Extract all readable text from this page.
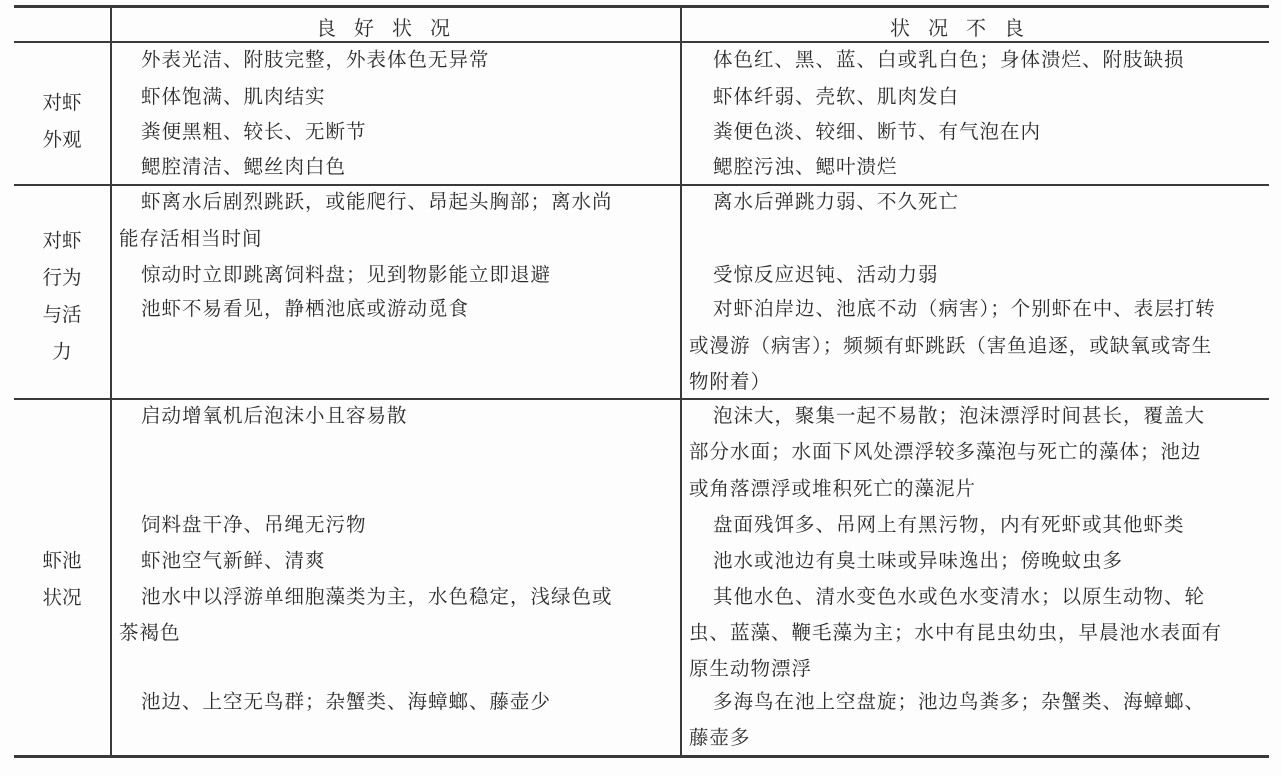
良好状况	状况不良
对虾
外观
外表光洁、附肢完整，外表体色无异常
虾体饱满、肌肉结实
粪便黑粗、较长、无断节
鳃腔清洁、鳃丝肉白色
体色红、黑、蓝、白或乳白色；身体溃烂、附肢缺损
虾体纤弱、壳软、肌肉发白
粪便色淡、较细、断节、有气泡在内
鳃腔污浊、鳃叶溃烂
对虾
行为
与活
力
虾离水后剧烈跳跃，或能爬行、昂起头胸部；离水尚
能存活相当时间
惊动时立即跳离饲料盘；见到物影能立即退避
池虾不易看见，静栖池底或游动觅食
离水后弹跳力弱、不久死亡
受惊反应迟钝、活动力弱
对虾泊岸边、池底不动（病害）；个别虾在中、表层打转
或漫游（病害）；频频有虾跳跃（害鱼追逐，或缺氧或寄生
物附着）
虾池
状况
启动增氧机后泡沫小且容易散
饲料盘干净、吊绳无污物
虾池空气新鲜、清爽
池水中以浮游单细胞藻类为主，水色稳定，浅绿色或
茶褐色
池边、上空无鸟群；杂蟹类、海蟑螂、藤壶少
泡沫大，聚集一起不易散；泡沫漂浮时间甚长，覆盖大
部分水面；水面下风处漂浮较多藻泡与死亡的藻体；池边
或角落漂浮或堆积死亡的藻泥片
盘面残饵多、吊网上有黑污物，内有死虾或其他虾类
池水或池边有臭土味或异味逸出；傍晚蚊虫多
其他水色、清水变色水或色水变清水；以原生动物、轮
虫、蓝藻、鞭毛藻为主；水中有昆虫幼虫，早晨池水表面有
原生动物漂浮
多海鸟在池上空盘旋；池边鸟粪多；杂蟹类、海蟑螂、
藤壶多
